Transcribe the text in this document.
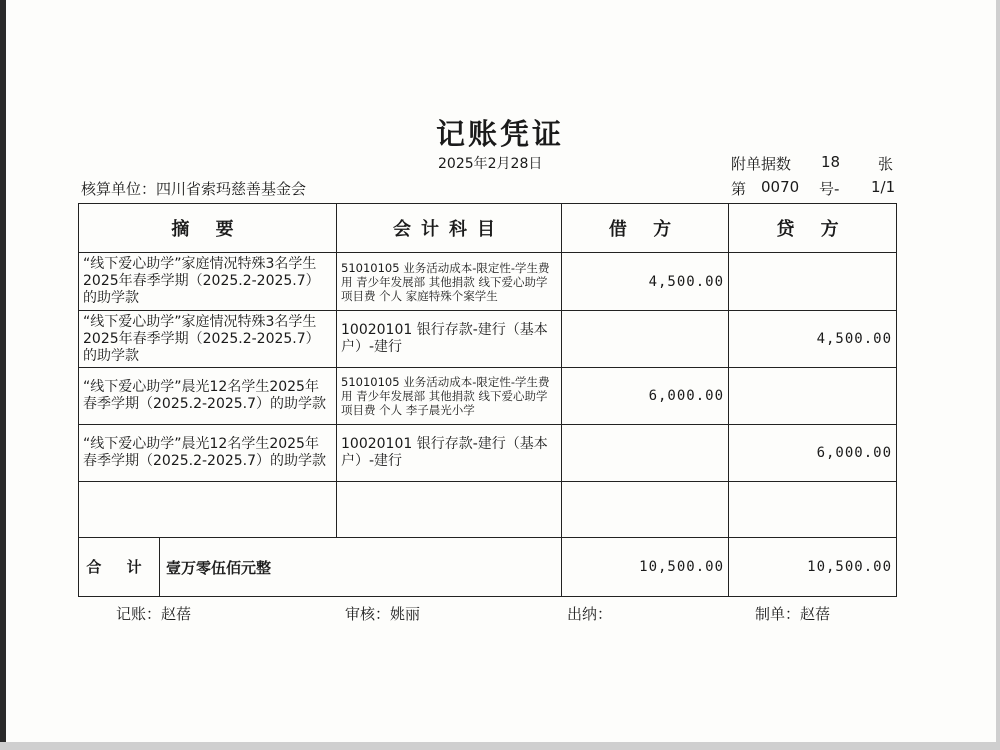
记账凭证
2025年2月28日	附单据数 18	张
核算单位：四川省索玛慈善基金会	第 0070 号- 1/1
摘 要	会计科目	借 方	贷 方
“线下爱心助学”家庭情况特殊3名学生2025年春季学期（2025.2-2025.7）的助学款	51010105 业务活动成本-限定性-学生费用 青少年发展部 其他捐款 线下爱心助学 项目费 个人 家庭特殊个案学生	4,500.00	
“线下爱心助学”家庭情况特殊3名学生2025年春季学期（2025.2-2025.7）的助学款	10020101 银行存款-建行（基本户）-建行		4,500.00
“线下爱心助学”晨光12名学生2025年春季学期（2025.2-2025.7）的助学款	51010105 业务活动成本-限定性-学生费用 青少年发展部 其他捐款 线下爱心助学 项目费 个人 李子晨光小学	6,000.00	
“线下爱心助学”晨光12名学生2025年春季学期（2025.2-2025.7）的助学款	10020101 银行存款-建行（基本户）-建行		6,000.00

合 计 壹万零伍佰元整		10,500.00	10,500.00
记账：赵蓓	审核：姚丽	出纳：	制单：赵蓓
